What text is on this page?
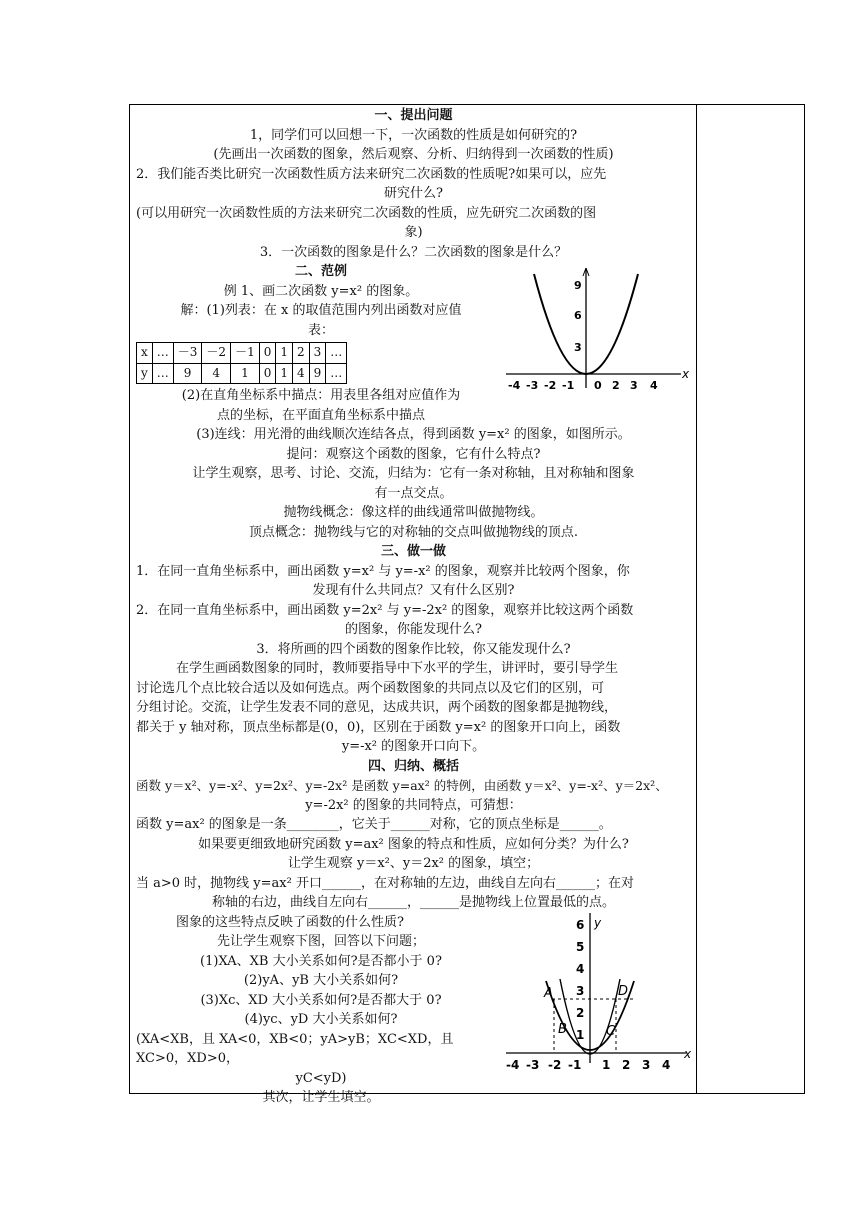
一、提出问题

1，同学们可以回想一下，一次函数的性质是如何研究的?

(先画出一次函数的图象，然后观察、分析、归纳得到一次函数的性质)

2．我们能否类比研究一次函数性质方法来研究二次函数的性质呢?如果可以，应先

研究什么?

(可以用研究一次函数性质的方法来研究二次函数的性质，应先研究二次函数的图

象)

3．一次函数的图象是什么？二次函数的图象是什么？

二、范例

例 1、画二次函数 y=x² 的图象。

解：(1)列表：在 x 的取值范围内列出函数对应值

表：

x	…	－3	－2	－1	0	1	2	3	…
y	…	9	4	1	0	1	4	9	…

(2)在直角坐标系中描点：用表里各组对应值作为

点的坐标，在平面直角坐标系中描点

x
9
6
3
-4 -3 -2 -1 0 2 3 4

(3)连线：用光滑的曲线顺次连结各点，得到函数 y=x² 的图象，如图所示。

提问：观察这个函数的图象，它有什么特点?

让学生观察，思考、讨论、交流，归结为：它有一条对称轴，且对称轴和图象

有一点交点。

抛物线概念：像这样的曲线通常叫做抛物线。

顶点概念：抛物线与它的对称轴的交点叫做抛物线的顶点.

三、做一做

1．在同一直角坐标系中，画出函数 y=x² 与 y=-x² 的图象，观察并比较两个图象，你

发现有什么共同点？又有什么区别?

2．在同一直角坐标系中，画出函数 y=2x² 与 y=-2x² 的图象，观察并比较这两个函数

的图象，你能发现什么?

3．将所画的四个函数的图象作比较，你又能发现什么?

在学生画函数图象的同时，教师要指导中下水平的学生，讲评时，要引导学生

讨论选几个点比较合适以及如何选点。两个函数图象的共同点以及它们的区别，可

分组讨论。交流，让学生发表不同的意见，达成共识，两个函数的图象都是抛物线，

都关于 y 轴对称，顶点坐标都是(0，0)，区别在于函数 y=x² 的图象开口向上，函数

y=-x² 的图象开口向下。

四、归纳、概括

函数 y＝x²、y=-x²、y=2x²、y=-2x² 是函数 y=ax² 的特例，由函数 y＝x²、y=-x²、y＝2x²、

y=-2x² 的图象的共同特点，可猜想：

函数 y=ax² 的图象是一条________，它关于______对称，它的顶点坐标是______。

如果要更细致地研究函数 y=ax² 图象的特点和性质，应如何分类？为什么?

让学生观察 y＝x²、y＝2x² 的图象，填空；

当 a>0 时，抛物线 y=ax² 开口______，在对称轴的左边，曲线自左向右______；在对

称轴的右边，曲线自左向右______，______是抛物线上位置最低的点。

图象的这些特点反映了函数的什么性质?

先让学生观察下图，回答以下问题；

(1)XA、XB 大小关系如何?是否都小于 0?

(2)yA、yB 大小关系如何?

(3)Xc、XD 大小关系如何?是否都大于 0?

(4)yc、yD 大小关系如何?

(XA<XB，且 XA<0，XB<0；yA>yB；XC<XD，且 XC>0，XD>0，

yC<yD)

其次，让学生填空。

x
y
A
B	C
D
6
5
4
3
2
1
-4 -3 -2 -1 1 2 3 4
